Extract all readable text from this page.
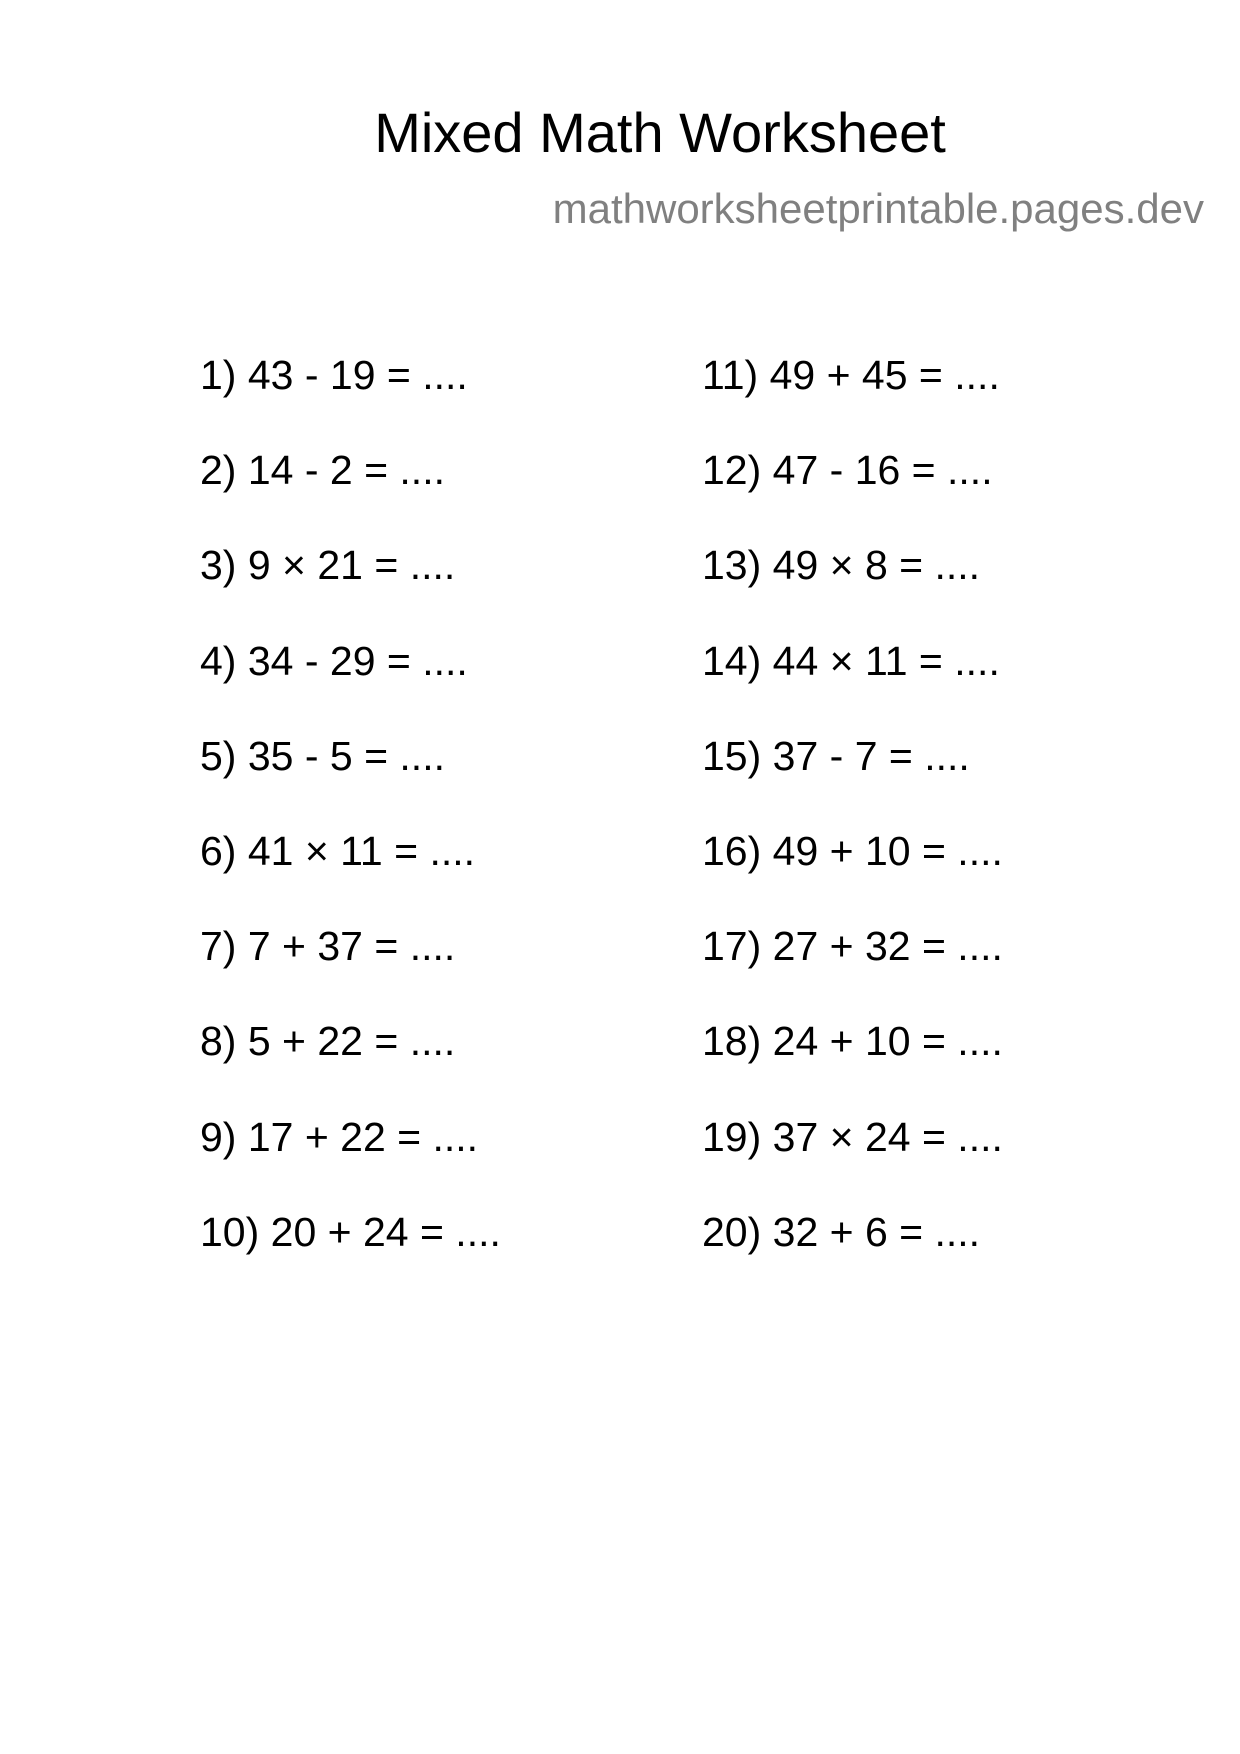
Mixed Math Worksheet
mathworksheetprintable.pages.dev
1) 43 - 19 = ....
2) 14 - 2 = ....
3) 9 × 21 = ....
4) 34 - 29 = ....
5) 35 - 5 = ....
6) 41 × 11 = ....
7) 7 + 37 = ....
8) 5 + 22 = ....
9) 17 + 22 = ....
10) 20 + 24 = ....
11) 49 + 45 = ....
12) 47 - 16 = ....
13) 49 × 8 = ....
14) 44 × 11 = ....
15) 37 - 7 = ....
16) 49 + 10 = ....
17) 27 + 32 = ....
18) 24 + 10 = ....
19) 37 × 24 = ....
20) 32 + 6 = ....
